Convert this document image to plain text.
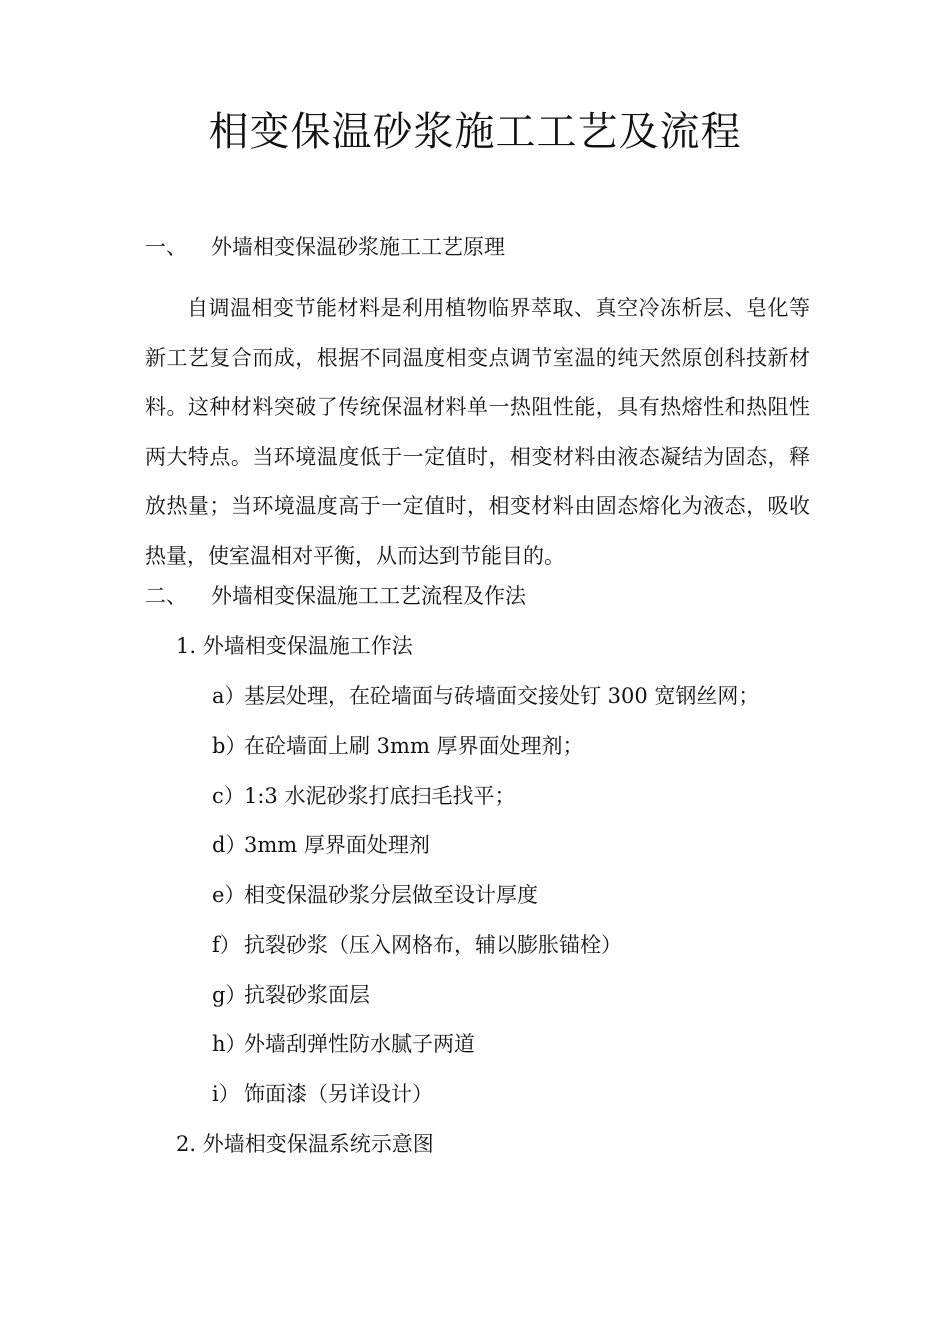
相变保温砂浆施工工艺及流程
一、 外墙相变保温砂浆施工工艺原理
自调温相变节能材料是利用植物临界萃取、真空冷冻析层、皂化等新工艺复合而成，根据不同温度相变点调节室温的纯天然原创科技新材料。这种材料突破了传统保温材料单一热阻性能，具有热熔性和热阻性两大特点。当环境温度低于一定值时，相变材料由液态凝结为固态，释放热量；当环境温度高于一定值时，相变材料由固态熔化为液态，吸收热量，使室温相对平衡，从而达到节能目的。
二、 外墙相变保温施工工艺流程及作法
1. 外墙相变保温施工作法
a）基层处理，在砼墙面与砖墙面交接处钉 300 宽钢丝网；
b）在砼墙面上刷 3mm 厚界面处理剂；
c）1:3 水泥砂浆打底扫毛找平；
d）3mm 厚界面处理剂
e）相变保温砂浆分层做至设计厚度
f） 抗裂砂浆（压入网格布，辅以膨胀锚栓）
g）抗裂砂浆面层
h）外墙刮弹性防水腻子两道
i） 饰面漆（另详设计）
2. 外墙相变保温系统示意图
